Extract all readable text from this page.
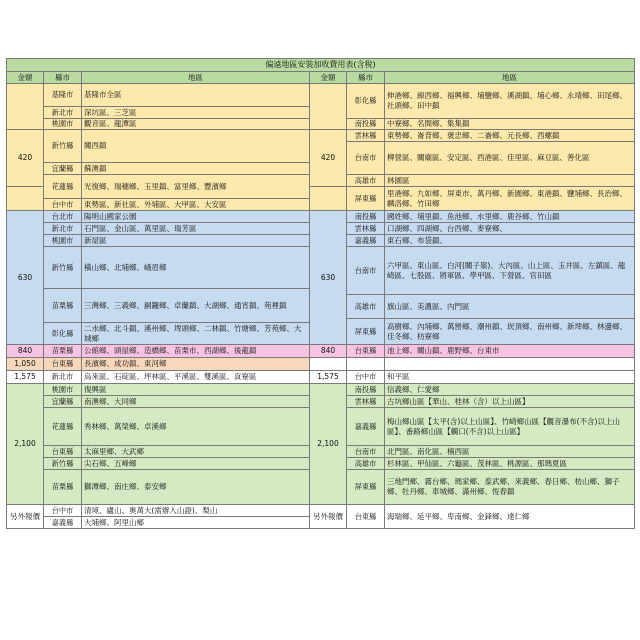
偏遠地區安裝加收費用表(含稅)					
金額	縣市	地區	金額	縣市	地區
	基隆市	基隆市全區		彰化縣	伸港鄉、線西鄉、福興鄉、埔鹽鄉、溪湖鎮、埔心鄉、永靖鄉、田尾鄉、社頭鄉、田中鎮
	新北市	深坑區、三芝區			
	桃園市	觀音區、龍潭區		南投縣	中寮鄉、名間鄉、集集鎮
420	新竹縣	關西鎮	420	雲林縣	東勢鄉、崙背鄉、褒忠鄉、二崙鄉、元長鄉、西螺鎮
				台南市	柳營區、關廟區、安定區、西港區、佳里區、麻豆區、善化區
	宜蘭縣	蘇澳鎮			
	花蓮縣	光復鄉、瑞穗鄉、玉里鎮、富里鄉、豐濱鄉		高雄市	林園區
				屏東縣	里港鄉、九如鄉、屏東市、萬丹鄉、新園鄉、東港鎮、鹽埔鄉、長治鄉、麟洛鄉、竹田鄉
	台中市	東勢區、新社區、外埔區、大甲區、大安區			

630	台北市	陽明山國家公園	630	南投縣	國姓鄉、埔里鎮、魚池鄉、水里鄉、鹿谷鄉、竹山鎮
	新北市	石門區、金山區、萬里區、瑞芳區		雲林縣	口湖鄉、四湖鄉、台西鄉、麥寮鄉、
	桃園市	新屋區		嘉義縣	東石鄉、布袋鎮、
	新竹縣	橫山鄉、北埔鄉、峨眉鄉		台南市	六甲區、東山區、白河(關子嶺)、大內區、山上區、玉井區、左鎮區、龍崎區、七股區、將軍區、學甲區、下營區、官田區
	苗栗縣	三灣鄉、三義鄉、銅鑼鄉、卓蘭鎮、大湖鄉、通宵鎮、苑裡鎮			
				高雄市	旗山區、美濃區、內門區
				屏東縣	高樹鄉、內埔鄉、萬巒鄉、潮州鎮、崁頂鄉、南州鄉、新埤鄉、林邊鄉、佳冬鄉、枋寮鄉
	彰化縣	二水鄉、北斗鎮、溪州鄉、埤頭鄉、二林鎮、竹塘鄉、芳苑鄉、大城鄉			

840	苗栗縣	公館鄉、頭屋鄉、造橋鄉、苗栗市、西湖鄉、後龍鎮	840	台東縣	池上鄉、關山鎮、鹿野鄉、台東市
1,050	台東縣	長濱鄉、成功鎮、東河鄉			
1,575	新北市	烏來區、石碇區、坪林區、平溪區、雙溪區、貢寮區	1,575	台中市	和平區
2,100	桃園市	復興區	2,100	南投縣	信義鄉、仁愛鄉
	宜蘭縣	南澳鄉、大同鄉		雲林縣	古坑鄉山區【華山、桂林（含）以上山區】
	花蓮縣	秀林鄉、萬榮鄉、卓溪鄉		嘉義縣	梅山鄉山區【太平(含)以上山區】、竹崎鄉山區【觀音瀑布(不含)以上山區】、番路鄉山區【觸口(不含)以上山區】

	台東縣	太麻里鄉、大武鄉		台南市	北門區、南化區、楠西區
	新竹縣	尖石鄉、五峰鄉		高雄市	杉林區、甲仙區、六龜區、茂林區、桃源區、那瑪夏區
	苗栗縣	獅潭鄉、南庄鄉、泰安鄉		屏東縣	三地門鄉、霧台鄉、瑪家鄉、泰武鄉、來義鄉、春日鄉、枋山鄉、獅子鄉、牡丹鄉、車城鄉、滿州鄉、恆春鎮

另外報價	台中市	清境、廬山、奧萬大(需辦入山證)、梨山	另外報價	台東縣	海瑞鄉、延平鄉、卑南鄉、金鋒鄉、達仁鄉
	嘉義縣	大埔鄉、阿里山鄉			
